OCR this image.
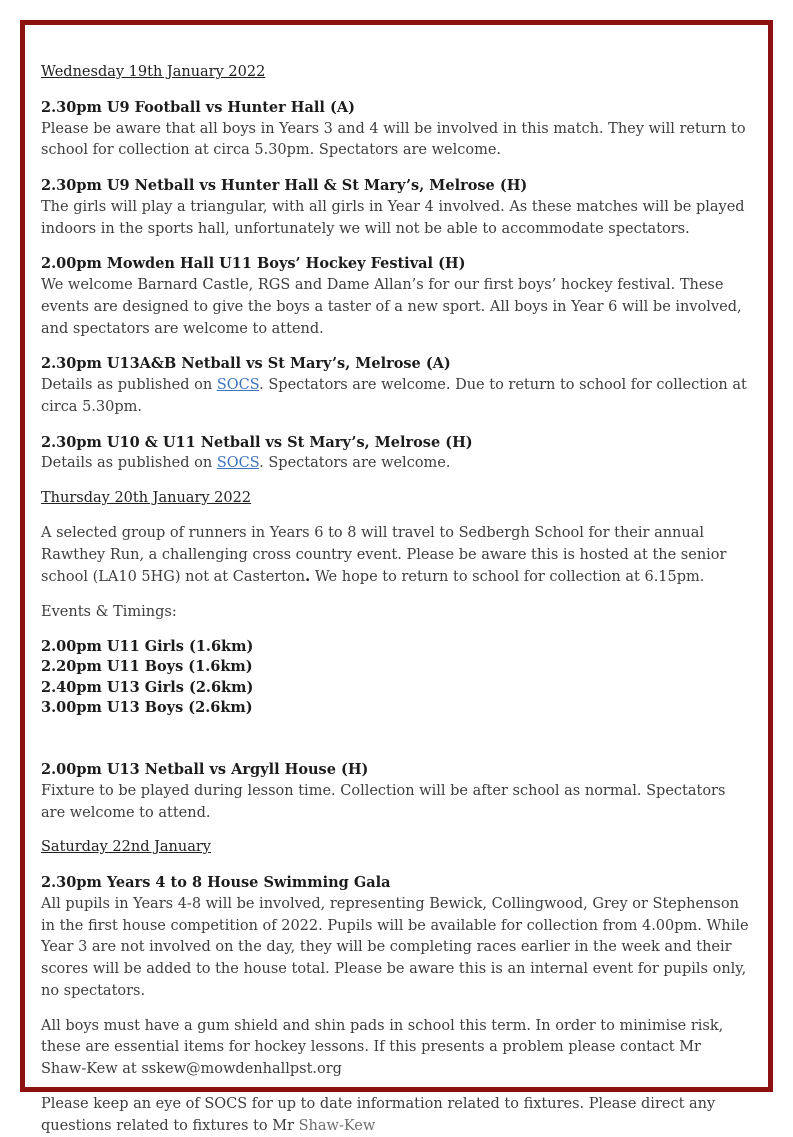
Wednesday 19th January 2022

2.30pm U9 Football vs Hunter Hall (A)
Please be aware that all boys in Years 3 and 4 will be involved in this match. They will return to school for collection at circa 5.30pm. Spectators are welcome.
2.30pm U9 Netball vs Hunter Hall & St Mary’s, Melrose (H)
The girls will play a triangular, with all girls in Year 4 involved. As these matches will be played indoors in the sports hall, unfortunately we will not be able to accommodate spectators.
2.00pm Mowden Hall U11 Boys’ Hockey Festival (H)
We welcome Barnard Castle, RGS and Dame Allan’s for our first boys’ hockey festival. These events are designed to give the boys a taster of a new sport. All boys in Year 6 will be involved, and spectators are welcome to attend.
2.30pm U13A&B Netball vs St Mary’s, Melrose (A)
Details as published on SOCS. Spectators are welcome. Due to return to school for collection at circa 5.30pm.
2.30pm U10 & U11 Netball vs St Mary’s, Melrose (H)
Details as published on SOCS. Spectators are welcome.

Thursday 20th January 2022

A selected group of runners in Years 6 to 8 will travel to Sedbergh School for their annual Rawthey Run, a challenging cross country event. Please be aware this is hosted at the senior school (LA10 5HG) not at Casterton. We hope to return to school for collection at 6.15pm.

Events & Timings:

2.00pm U11 Girls (1.6km)
2.20pm U11 Boys (1.6km)
2.40pm U13 Girls (2.6km)
3.00pm U13 Boys (2.6km)
2.00pm U13 Netball vs Argyll House (H)
Fixture to be played during lesson time. Collection will be after school as normal. Spectators are welcome to attend.

Saturday 22nd January

2.30pm Years 4 to 8 House Swimming Gala
All pupils in Years 4-8 will be involved, representing Bewick, Collingwood, Grey or Stephenson in the first house competition of 2022. Pupils will be available for collection from 4.00pm. While Year 3 are not involved on the day, they will be completing races earlier in the week and their scores will be added to the house total. Please be aware this is an internal event for pupils only, no spectators.

All boys must have a gum shield and shin pads in school this term. In order to minimise risk, these are essential items for hockey lessons. If this presents a problem please contact Mr Shaw-Kew at sskew@mowdenhallpst.org

Please keep an eye of SOCS for up to date information related to fixtures. Please direct any questions related to fixtures to Mr Shaw-Kew
